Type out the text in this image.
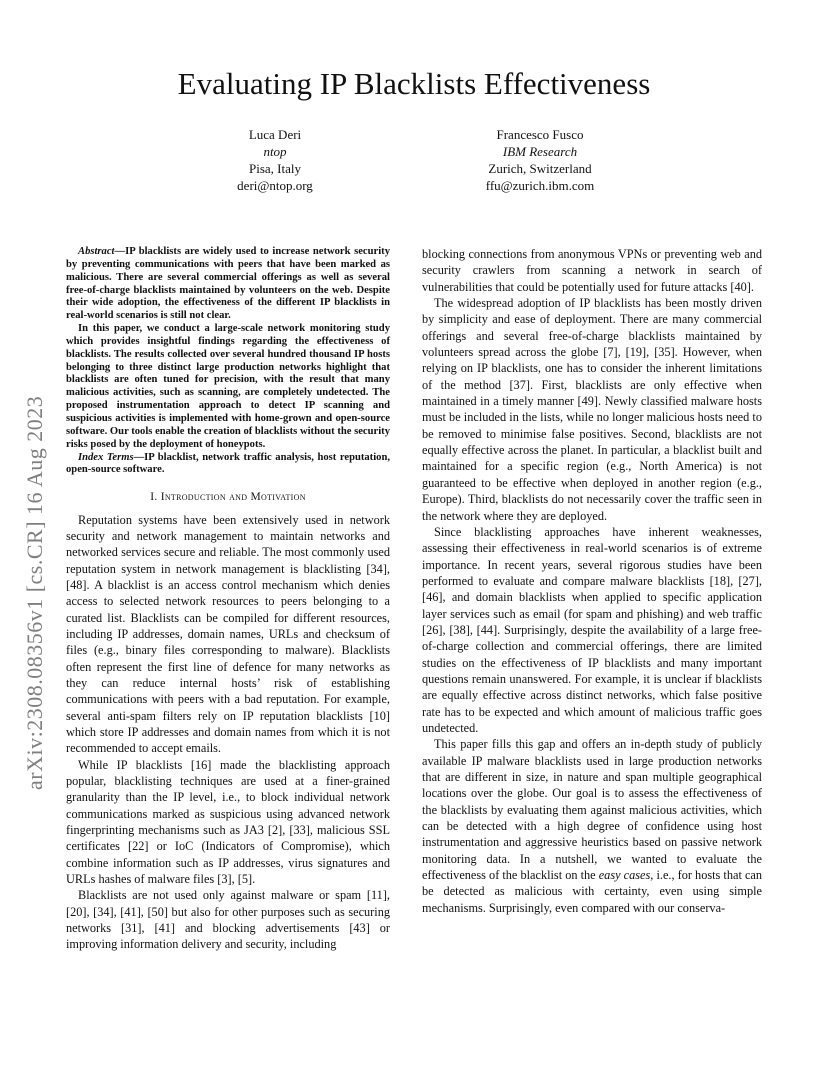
arXiv:2308.08356v1 [cs.CR] 16 Aug 2023
Evaluating IP Blacklists Effectiveness
Luca Deri
ntop
Pisa, Italy
deri@ntop.org
Francesco Fusco
IBM Research
Zurich, Switzerland
ffu@zurich.ibm.com

Abstract—IP blacklists are widely used to increase network security by preventing communications with peers that have been marked as malicious. There are several commercial offerings as well as several free-of-charge blacklists maintained by volunteers on the web. Despite their wide adoption, the effectiveness of the different IP blacklists in real-world scenarios is still not clear.

In this paper, we conduct a large-scale network monitoring study which provides insightful findings regarding the effectiveness of blacklists. The results collected over several hundred thousand IP hosts belonging to three distinct large production networks highlight that blacklists are often tuned for precision, with the result that many malicious activities, such as scanning, are completely undetected. The proposed instrumentation approach to detect IP scanning and suspicious activities is implemented with home-grown and open-source software. Our tools enable the creation of blacklists without the security risks posed by the deployment of honeypots.

Index Terms—IP blacklist, network traffic analysis, host reputation, open-source software.

I. Introduction and Motivation

Reputation systems have been extensively used in network security and network management to maintain networks and networked services secure and reliable. The most commonly used reputation system in network management is blacklisting [34], [48]. A blacklist is an access control mechanism which denies access to selected network resources to peers belonging to a curated list. Blacklists can be compiled for different resources, including IP addresses, domain names, URLs and checksum of files (e.g., binary files corresponding to malware). Blacklists often represent the first line of defence for many networks as they can reduce internal hosts’ risk of establishing communications with peers with a bad reputation. For example, several anti-spam filters rely on IP reputation blacklists [10] which store IP addresses and domain names from which it is not recommended to accept emails.

While IP blacklists [16] made the blacklisting approach popular, blacklisting techniques are used at a finer-grained granularity than the IP level, i.e., to block individual network communications marked as suspicious using advanced network fingerprinting mechanisms such as JA3 [2], [33], malicious SSL certificates [22] or IoC (Indicators of Compromise), which combine information such as IP addresses, virus signatures and URLs hashes of malware files [3], [5].

Blacklists are not used only against malware or spam [11], [20], [34], [41], [50] but also for other purposes such as securing networks [31], [41] and blocking advertisements [43] or improving information delivery and security, including

blocking connections from anonymous VPNs or preventing web and security crawlers from scanning a network in search of vulnerabilities that could be potentially used for future attacks [40].

The widespread adoption of IP blacklists has been mostly driven by simplicity and ease of deployment. There are many commercial offerings and several free-of-charge blacklists maintained by volunteers spread across the globe [7], [19], [35]. However, when relying on IP blacklists, one has to consider the inherent limitations of the method [37]. First, blacklists are only effective when maintained in a timely manner [49]. Newly classified malware hosts must be included in the lists, while no longer malicious hosts need to be removed to minimise false positives. Second, blacklists are not equally effective across the planet. In particular, a blacklist built and maintained for a specific region (e.g., North America) is not guaranteed to be effective when deployed in another region (e.g., Europe). Third, blacklists do not necessarily cover the traffic seen in the network where they are deployed.

Since blacklisting approaches have inherent weaknesses, assessing their effectiveness in real-world scenarios is of extreme importance. In recent years, several rigorous studies have been performed to evaluate and compare malware blacklists [18], [27], [46], and domain blacklists when applied to specific application layer services such as email (for spam and phishing) and web traffic [26], [38], [44]. Surprisingly, despite the availability of a large free-of-charge collection and commercial offerings, there are limited studies on the effectiveness of IP blacklists and many important questions remain unanswered. For example, it is unclear if blacklists are equally effective across distinct networks, which false positive rate has to be expected and which amount of malicious traffic goes undetected.

This paper fills this gap and offers an in-depth study of publicly available IP malware blacklists used in large production networks that are different in size, in nature and span multiple geographical locations over the globe. Our goal is to assess the effectiveness of the blacklists by evaluating them against malicious activities, which can be detected with a high degree of confidence using host instrumentation and aggressive heuristics based on passive network monitoring data. In a nutshell, we wanted to evaluate the effectiveness of the blacklist on the easy cases, i.e., for hosts that can be detected as malicious with certainty, even using simple mechanisms. Surprisingly, even compared with our conserva-
